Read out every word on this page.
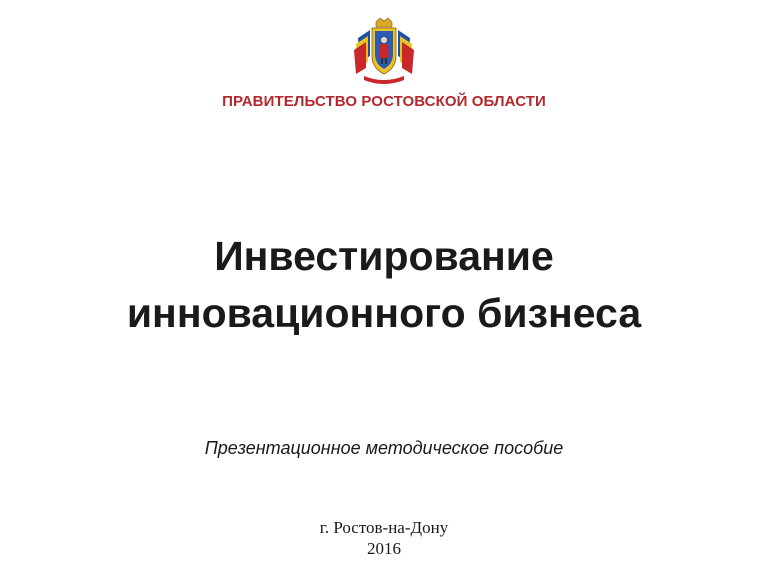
ПРАВИТЕЛЬСТВО РОСТОВСКОЙ ОБЛАСТИ
Инвестирование
инновационного бизнеса
Презентационное методическое пособие
г. Ростов-на-Дону
2016
